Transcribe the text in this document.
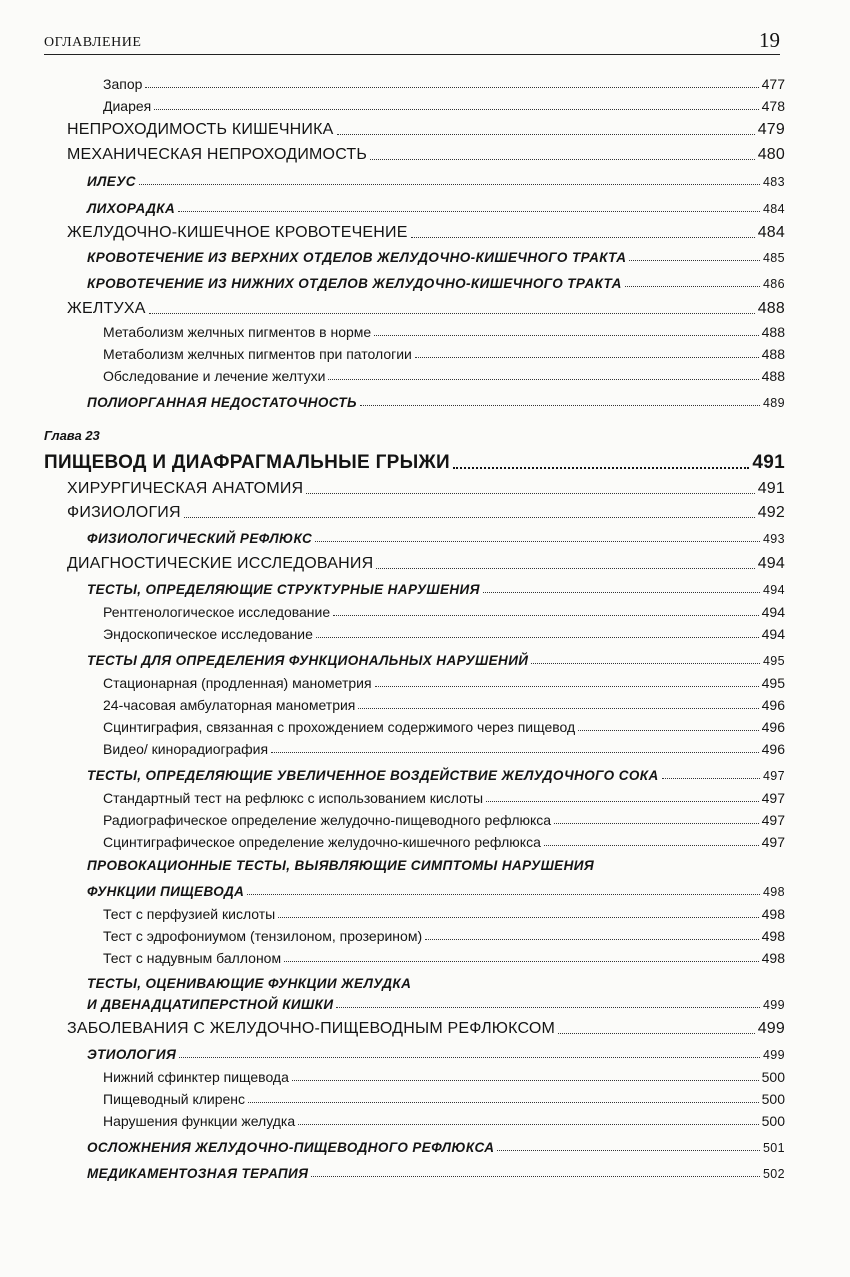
ОГЛАВЛЕНИЕ	19
Глава 23
Запор	477
Диарея	478
НЕПРОХОДИМОСТЬ КИШЕЧНИКА	479
МЕХАНИЧЕСКАЯ НЕПРОХОДИМОСТЬ	480
ИЛЕУС	483
ЛИХОРАДКА	484
ЖЕЛУДОЧНО-КИШЕЧНОЕ КРОВОТЕЧЕНИЕ	484
КРОВОТЕЧЕНИЕ ИЗ ВЕРХНИХ ОТДЕЛОВ ЖЕЛУДОЧНО-КИШЕЧНОГО ТРАКТА	485
КРОВОТЕЧЕНИЕ ИЗ НИЖНИХ ОТДЕЛОВ ЖЕЛУДОЧНО-КИШЕЧНОГО ТРАКТА	486
ЖЕЛТУХА	488
Метаболизм желчных пигментов в норме	488
Метаболизм желчных пигментов при патологии	488
Обследование и лечение желтухи	488
ПОЛИОРГАННАЯ НЕДОСТАТОЧНОСТЬ	489
ПИЩЕВОД И ДИАФРАГМАЛЬНЫЕ ГРЫЖИ	491
ХИРУРГИЧЕСКАЯ АНАТОМИЯ	491
ФИЗИОЛОГИЯ	492
ФИЗИОЛОГИЧЕСКИЙ РЕФЛЮКС	493
ДИАГНОСТИЧЕСКИЕ ИССЛЕДОВАНИЯ	494
ТЕСТЫ, ОПРЕДЕЛЯЮЩИЕ СТРУКТУРНЫЕ НАРУШЕНИЯ	494
Рентгенологическое исследование	494
Эндоскопическое исследование	494
ТЕСТЫ ДЛЯ ОПРЕДЕЛЕНИЯ ФУНКЦИОНАЛЬНЫХ НАРУШЕНИЙ	495
Стационарная (продленная) манометрия	495
24-часовая амбулаторная манометрия	496
Сцинтиграфия, связанная с прохождением содержимого через пищевод	496
Видео/ кинорадиография	496
ТЕСТЫ, ОПРЕДЕЛЯЮЩИЕ УВЕЛИЧЕННОЕ ВОЗДЕЙСТВИЕ ЖЕЛУДОЧНОГО СОКА	497
Стандартный тест на рефлюкс с использованием кислоты	497
Радиографическое определение желудочно-пищеводного рефлюкса	497
Сцинтиграфическое определение желудочно-кишечного рефлюкса	497
ПРОВОКАЦИОННЫЕ ТЕСТЫ, ВЫЯВЛЯЮЩИЕ СИМПТОМЫ НАРУШЕНИЯ
ФУНКЦИИ ПИЩЕВОДА	498
Тест с перфузией кислоты	498
Тест с эдрофониумом (тензилоном, прозерином)	498
Тест с надувным баллоном	498
ТЕСТЫ, ОЦЕНИВАЮЩИЕ ФУНКЦИИ ЖЕЛУДКА
И ДВЕНАДЦАТИПЕРСТНОЙ КИШКИ	499
ЗАБОЛЕВАНИЯ С ЖЕЛУДОЧНО-ПИЩЕВОДНЫМ РЕФЛЮКСОМ	499
ЭТИОЛОГИЯ	499
Нижний сфинктер пищевода	500
Пищеводный клиренс	500
Нарушения функции желудка	500
ОСЛОЖНЕНИЯ ЖЕЛУДОЧНО-ПИЩЕВОДНОГО РЕФЛЮКСА	501
МЕДИКАМЕНТОЗНАЯ ТЕРАПИЯ	502
